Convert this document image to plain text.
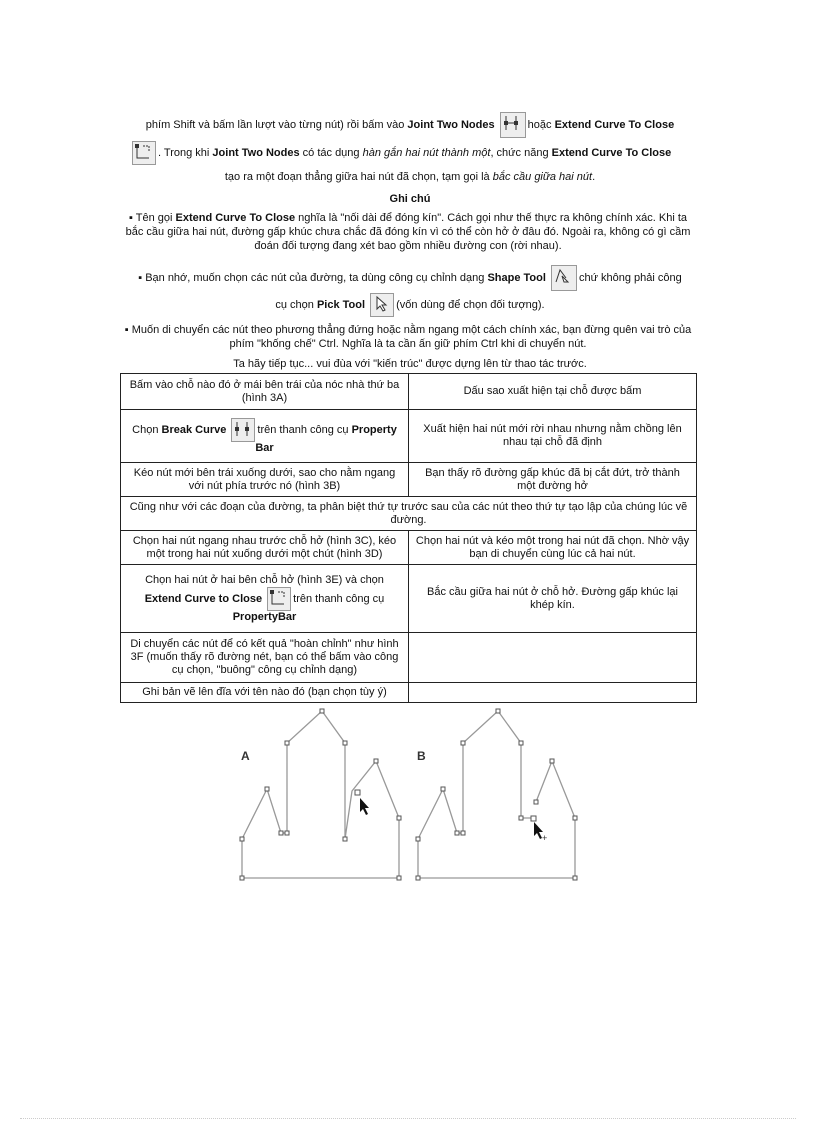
phím Shift và bấm lần lượt vào từng nút) rồi bấm vào Joint Two Nodes	hoặc Extend Curve To Close
. Trong khi Joint Two Nodes có tác dụng hàn gắn hai nút thành một, chức năng Extend Curve To Close
tạo ra một đoạn thẳng giữa hai nút đã chọn, tạm gọi là bắc cầu giữa hai nút.
Ghi chú
▪ Tên gọi Extend Curve To Close nghĩa là "nối dài để đóng kín". Cách gọi như thế thực ra không chính xác. Khi ta bắc cầu giữa hai nút, đường gấp khúc chưa chắc đã đóng kín vì có thể còn hở ở đâu đó. Ngoài ra, không có gì cầm đoán đối tượng đang xét bao gồm nhiều đường con (rời nhau).
▪ Bạn nhớ, muốn chọn các nút của đường, ta dùng công cụ chỉnh dạng Shape Tool	chứ không phải công
cụ chọn Pick Tool	(vốn dùng để chọn đối tượng).
▪ Muốn di chuyển các nút theo phương thẳng đứng hoặc nằm ngang một cách chính xác, bạn đừng quên vai trò của phím "khống chế" Ctrl. Nghĩa là ta cần ấn giữ phím Ctrl khi di chuyển nút.
Ta hãy tiếp tục... vui đùa với "kiến trúc" được dựng lên từ thao tác trước.
Bấm vào chỗ nào đó ở mái bên trái của nóc nhà thứ ba (hình 3A)	Dấu sao xuất hiện tại chỗ được bấm
Chọn Break Curve trên thanh công cụ Property Bar	Xuất hiện hai nút mới rời nhau nhưng nằm chồng lên nhau tại chỗ đã định
Kéo nút mới bên trái xuống dưới, sao cho nằm ngang với nút phía trước nó (hình 3B)	Bạn thấy rõ đường gấp khúc đã bị cắt đứt, trở thành một đường hở
Cũng như với các đoạn của đường, ta phân biệt thứ tự trước sau của các nút theo thứ tự tạo lập của chúng lúc vẽ đường.	
Chọn hai nút ngang nhau trước chỗ hở (hình 3C), kéo một trong hai nút xuống dưới một chút (hình 3D)	Chọn hai nút và kéo một trong hai nút đã chọn. Nhờ vậy bạn di chuyển cùng lúc cả hai nút.
Chọn hai nút ở hai bên chỗ hở (hình 3E) và chọn
Extend Curve to Close trên thanh công cụ
PropertyBar	Bắc cầu giữa hai nút ở chỗ hở. Đường gấp khúc lại khép kín.
Di chuyển các nút để có kết quả "hoàn chỉnh" như hình 3F (muốn thấy rõ đường nét, bạn có thể bấm vào công cụ chọn, "buông" công cụ chỉnh dạng)	
Ghi bản vẽ lên đĩa với tên nào đó (bạn chọn tùy ý)	
A	B
+
